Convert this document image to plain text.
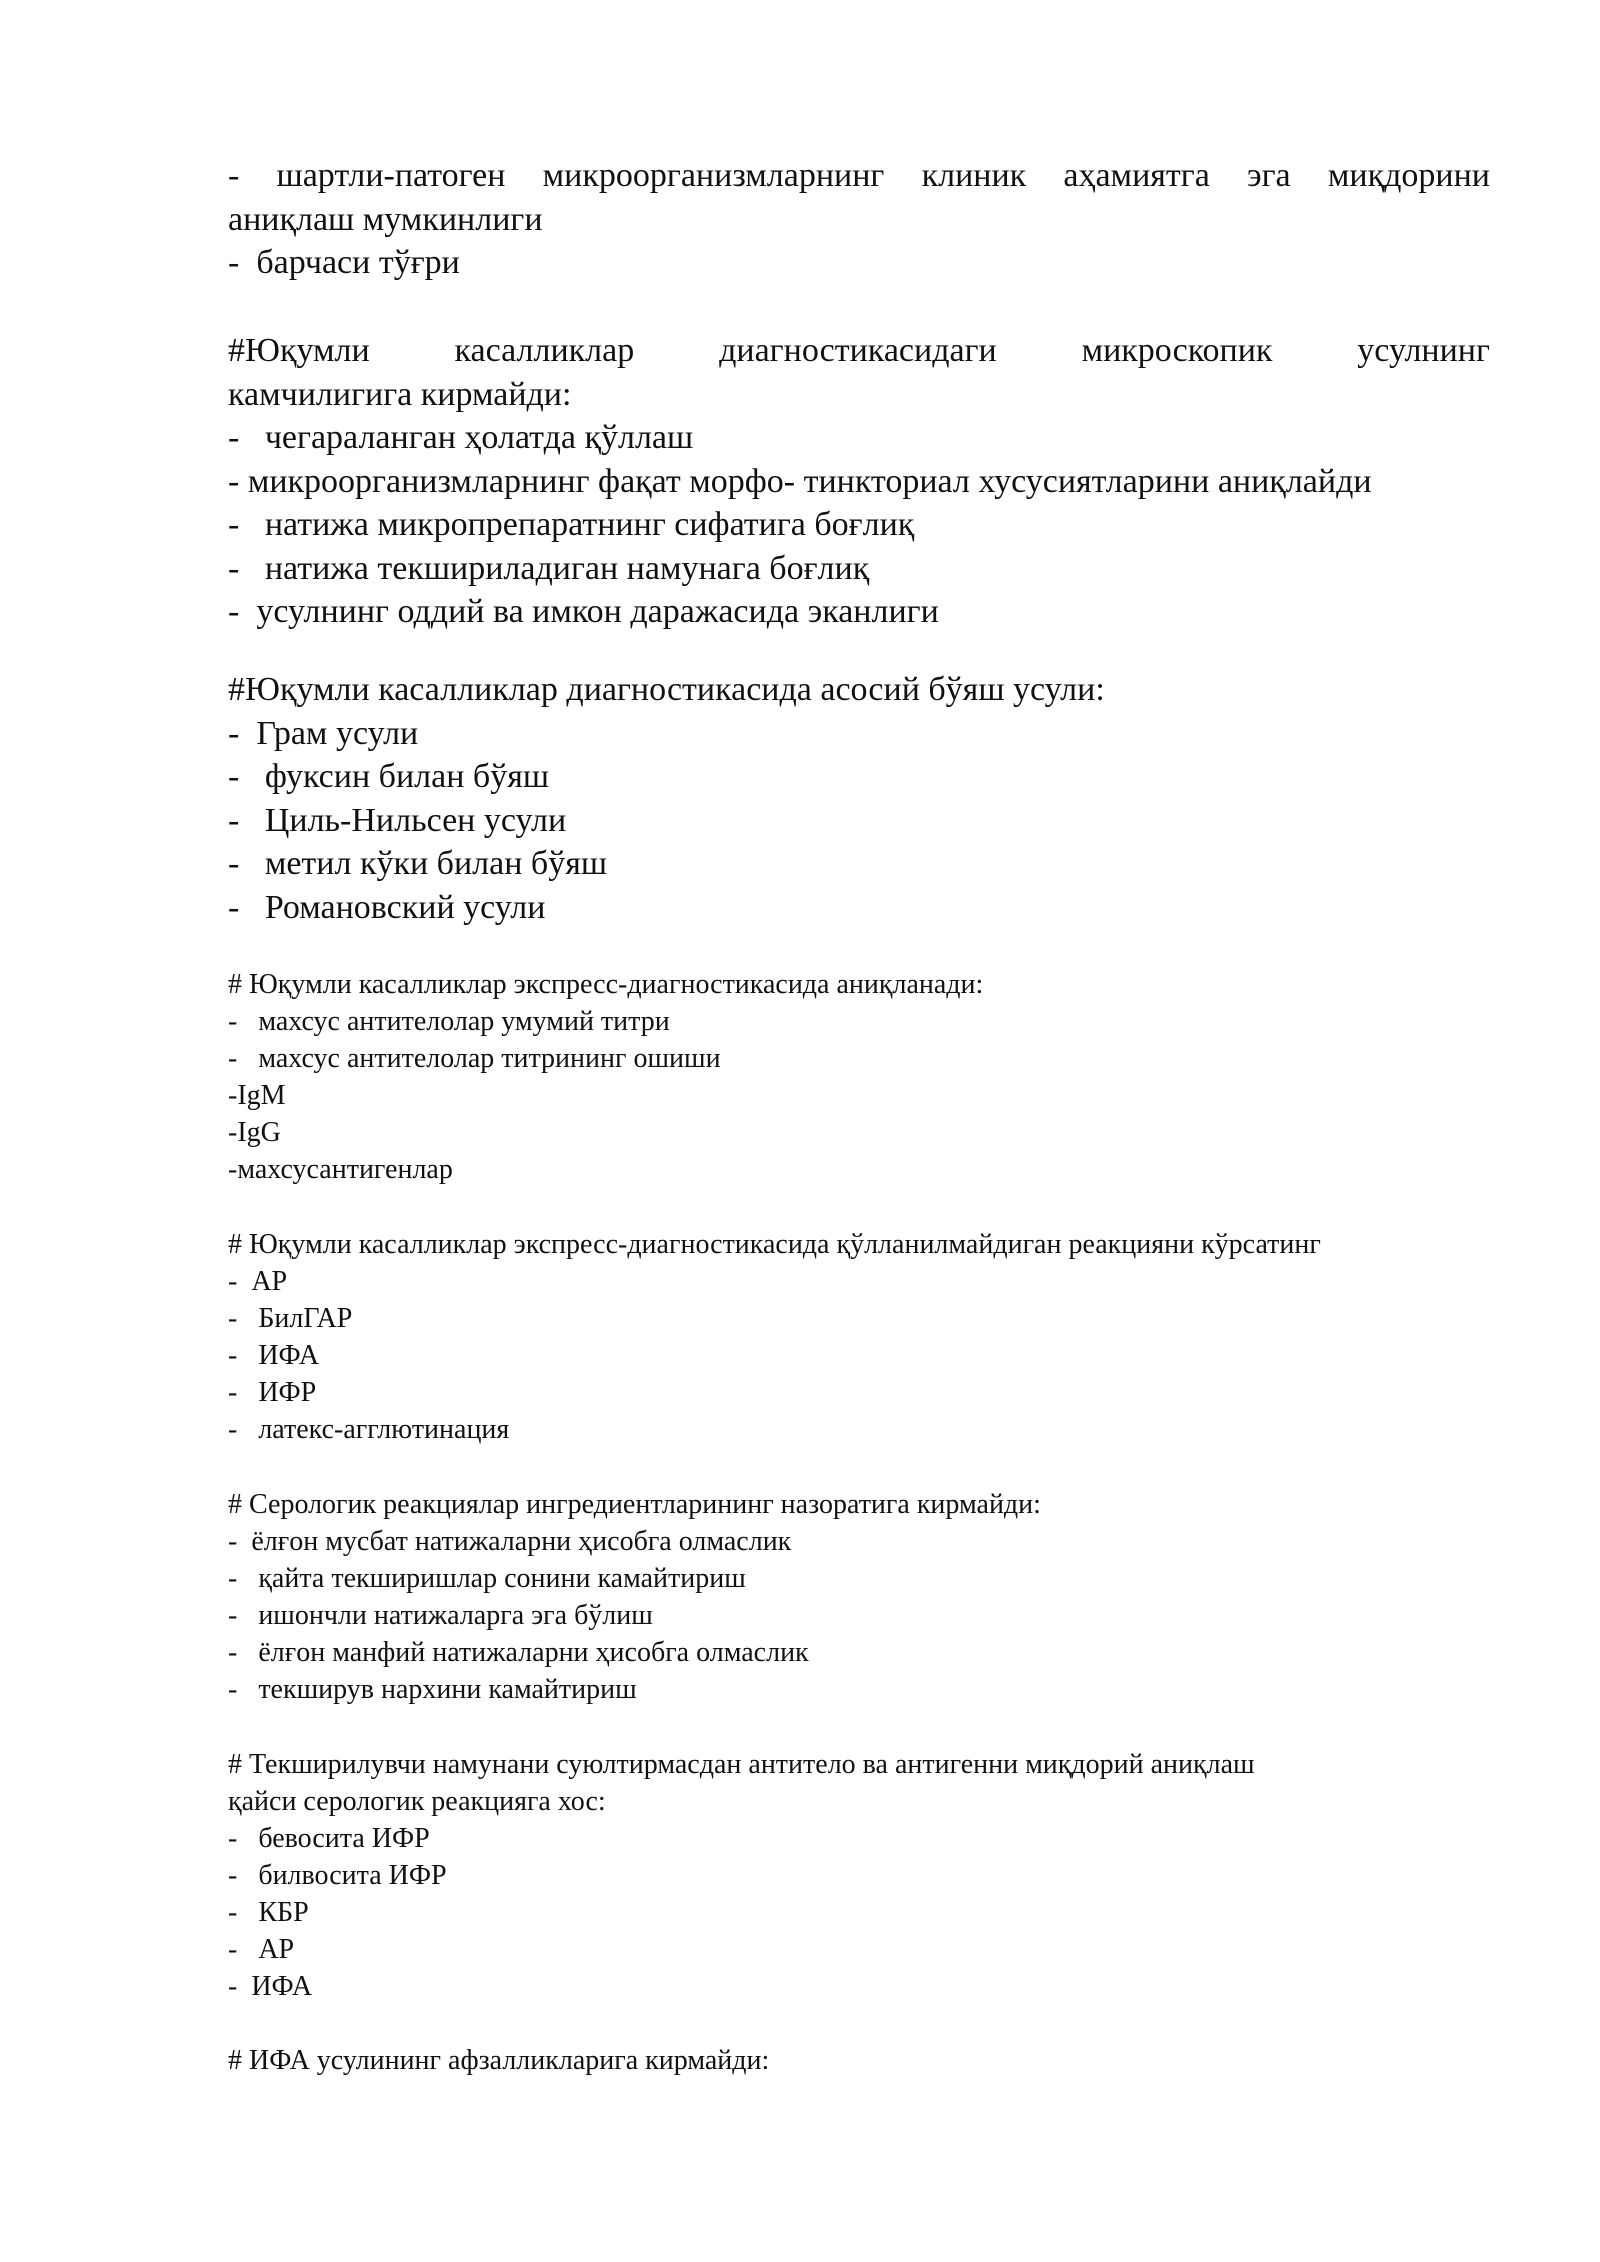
- шартли-патоген микроорганизмларнинг клиник аҳамиятга эга миқдорини
аниқлаш мумкинлиги
-  барчаси тўғри
#Юқумли касалликлар диагностикасидаги микроскопик усулнинг
камчилигига кирмайди:
-   чегараланган ҳолатда қўллаш
- микроорганизмларнинг фақат морфо- тинкториал хусусиятларини аниқлайди
-   натижа микропрепаратнинг сифатига боғлиқ
-   натижа текшириладиган намунага боғлиқ
-  усулнинг оддий ва имкон даражасида эканлиги
#Юқумли касалликлар диагностикасида асосий бўяш усули:
-  Грам усули
-   фуксин билан бўяш
-   Циль-Нильсен усули
-   метил кўки билан бўяш
-   Романовский усули
# Юқумли касалликлар экспресс-диагностикасида аниқланади:
-   махсус антителолар умумий титри
-   махсус антителолар титрининг ошиши
-IgM
-IgG
-махсусантигенлар
# Юқумли касалликлар экспресс-диагностикасида қўлланилмайдиган реакцияни кўрсатинг
-  АР
-   БилГАР
-   ИФА
-   ИФР
-   латекс-агглютинация
# Серологик реакциялар ингредиентларининг назоратига кирмайди:
-  ёлғон мусбат натижаларни ҳисобга олмаслик
-   қайта текширишлар сонини камайтириш
-   ишончли натижаларга эга бўлиш
-   ёлғон манфий натижаларни ҳисобга олмаслик
-   текширув нархини камайтириш
# Текширилувчи намунани суюлтирмасдан антитело ва антигенни миқдорий аниқлаш
қайси серологик реакцияга хос:
-   бевосита ИФР
-   билвосита ИФР
-   КБР
-   АР
-  ИФА
# ИФА усулининг афзалликларига кирмайди:
